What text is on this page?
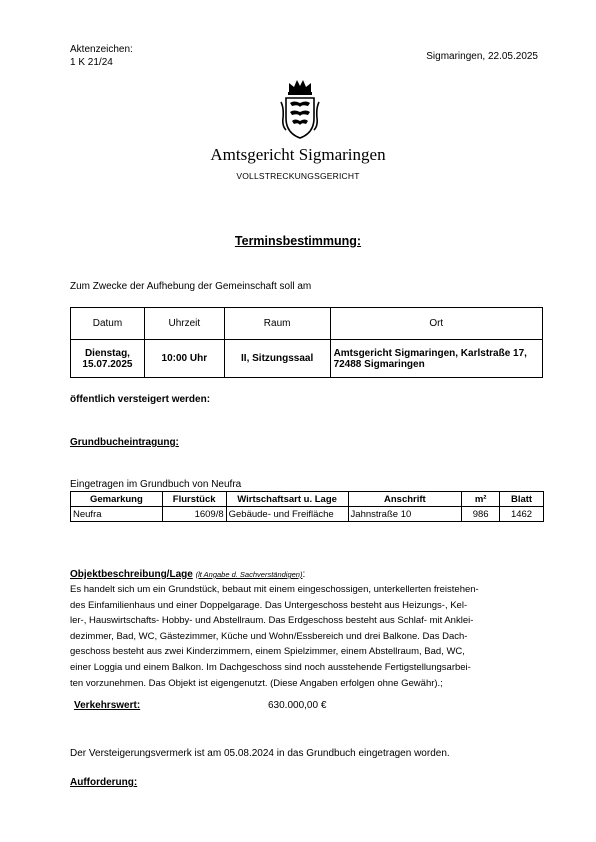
Aktenzeichen:
1 K 21/24
Sigmaringen, 22.05.2025
Amtsgericht Sigmaringen
VOLLSTRECKUNGSGERICHT
Terminsbestimmung:
Zum Zwecke der Aufhebung der Gemeinschaft soll am
Datum	Uhrzeit	Raum	Ort

Dienstag,
15.07.2025	10:00 Uhr	II, Sitzungssaal	Amtsgericht Sigmaringen, Karlstraße 17, 72488 Sigmaringen
öffentlich versteigert werden:
Grundbucheintragung:
Eingetragen im Grundbuch von Neufra
Gemarkung	Flurstück	Wirtschaftsart u. Lage	Anschrift	m²	Blatt
Neufra	1609/8	Gebäude- und Freifläche	Jahnstraße 10	986	1462
Objektbeschreibung/Lage (lt Angabe d. Sachverständigen):
Es handelt sich um ein Grundstück, bebaut mit einem eingeschossigen, unterkellerten freistehen-
des Einfamilienhaus und einer Doppelgarage. Das Untergeschoss besteht aus Heizungs-, Kel-
ler-, Hauswirtschafts- Hobby- und Abstellraum. Das Erdgeschoss besteht aus Schlaf- mit Anklei-
dezimmer, Bad, WC, Gästezimmer, Küche und Wohn/Essbereich und drei Balkone. Das Dach-
geschoss besteht aus zwei Kinderzimmern, einem Spielzimmer, einem Abstellraum, Bad, WC,
einer Loggia und einem Balkon. Im Dachgeschoss sind noch ausstehende Fertigstellungsarbei-
ten vorzunehmen. Das Objekt ist eigengenutzt. (Diese Angaben erfolgen ohne Gewähr).;
Verkehrswert:	630.000,00 €
Der Versteigerungsvermerk ist am 05.08.2024 in das Grundbuch eingetragen worden.
Aufforderung:
